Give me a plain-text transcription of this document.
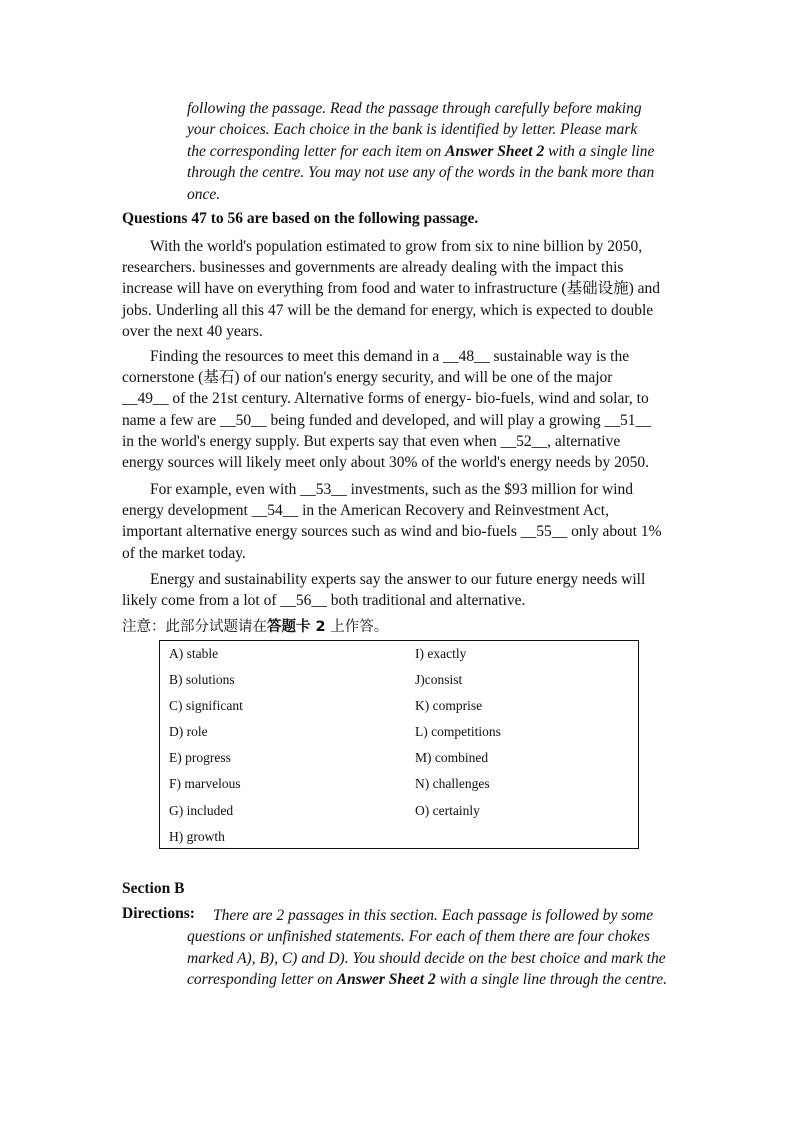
following the passage. Read the passage through carefully before making
your choices. Each choice in the bank is identified by letter. Please mark
the corresponding letter for each item on Answer Sheet 2 with a single line
through the centre. You may not use any of the words in the bank more than
once.
Questions 47 to 56 are based on the following passage.
With the world's population estimated to grow from six to nine billion by 2050, researchers. businesses and governments are already dealing with the impact this increase will have on everything from food and water to infrastructure (基础设施) and jobs. Underling all this 47 will be the demand for energy, which is expected to double over the next 40 years.
Finding the resources to meet this demand in a __48__ sustainable way is the cornerstone (基石) of our nation's energy security, and will be one of the major __49__ of the 21st century. Alternative forms of energy- bio-fuels, wind and solar, to name a few are __50__ being funded and developed, and will play a growing __51__ in the world's energy supply. But experts say that even when __52__, alternative energy sources will likely meet only about 30% of the world's energy needs by 2050.
For example, even with __53__ investments, such as the $93 million for wind energy development __54__ in the American Recovery and Reinvestment Act, important alternative energy sources such as wind and bio-fuels __55__ only about 1% of the market today.
Energy and sustainability experts say the answer to our future energy needs will likely come from a lot of __56__ both traditional and alternative.
注意：此部分试题请在答题卡 2 上作答。
A) stable
B) solutions
C) significant
D) role
E) progress
F) marvelous
G) included
H) growth
I) exactly
J)consist
K) comprise
L) competitions
M) combined
N) challenges
O) certainly
Section B
Directions:	There are 2 passages in this section. Each passage is followed by some questions or unfinished statements. For each of them there are four chokes marked A), B), C) and D). You should decide on the best choice and mark the corresponding letter on Answer Sheet 2 with a single line through the centre.
